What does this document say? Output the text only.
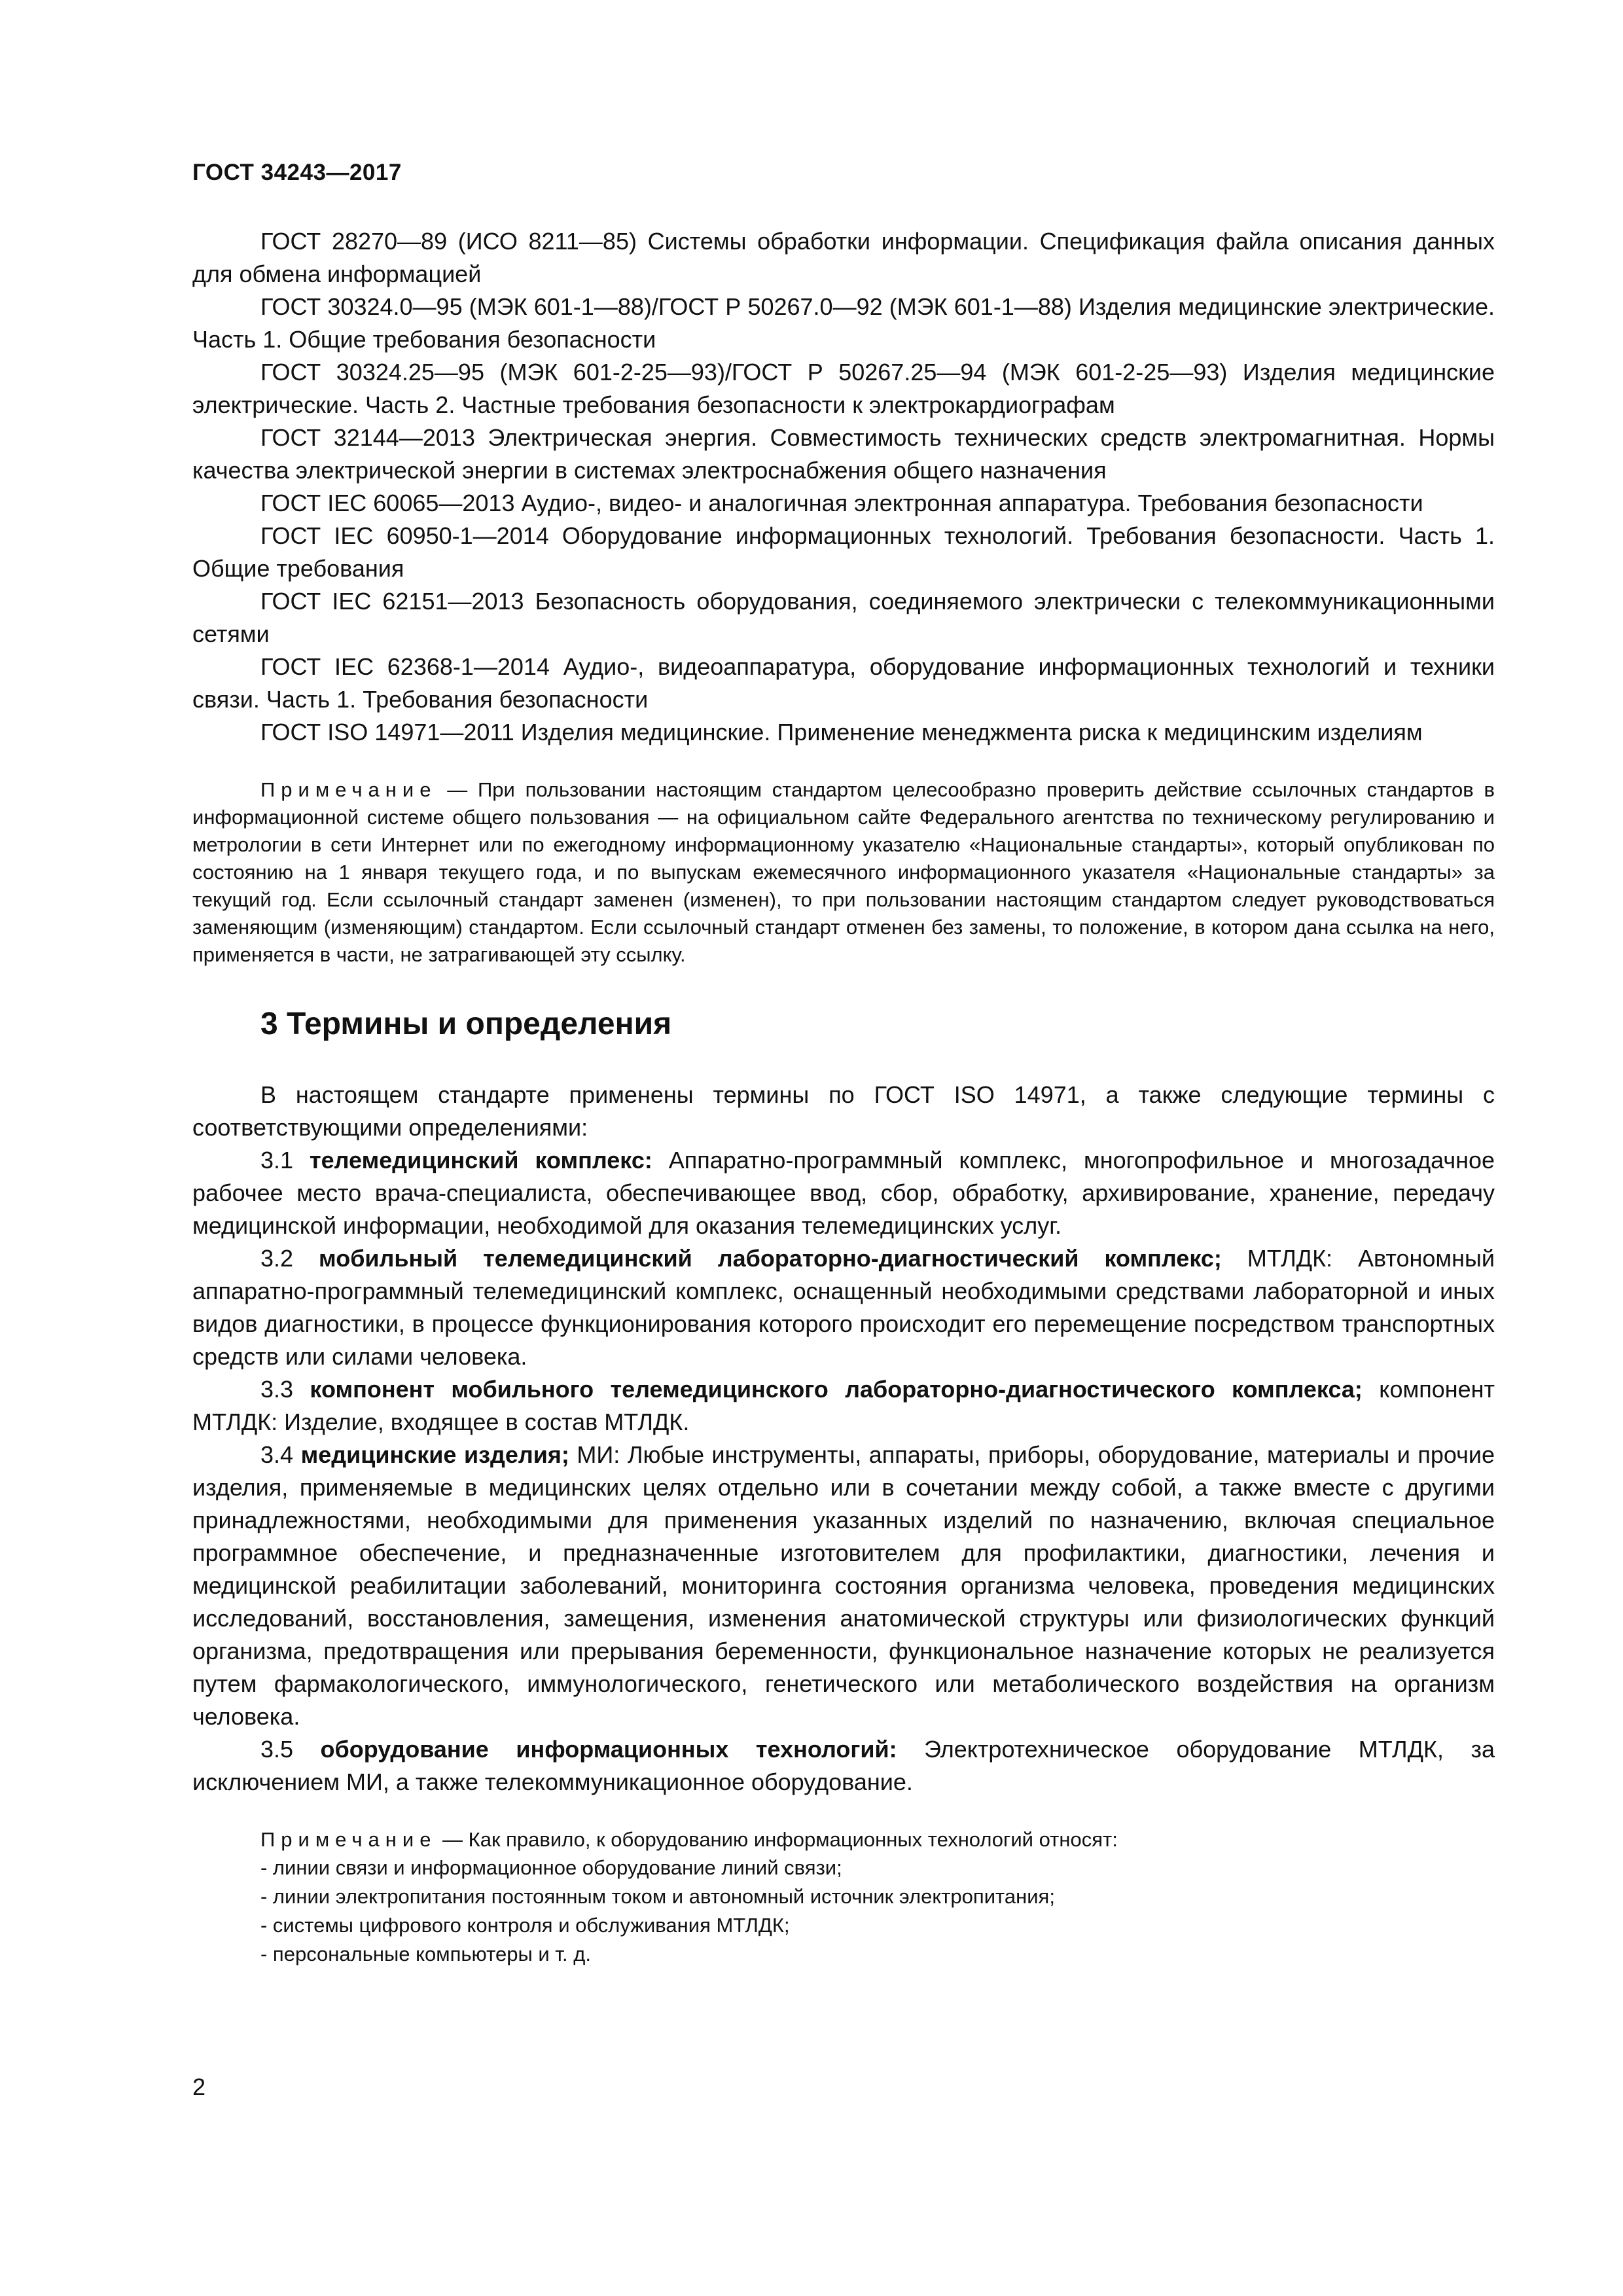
ГОСТ 34243—2017

ГОСТ 28270—89 (ИСО 8211—85) Системы обработки информации. Спецификация файла описания данных для обмена информацией

ГОСТ 30324.0—95 (МЭК 601-1—88)/ГОСТ Р 50267.0—92 (МЭК 601-1—88) Изделия медицинские электрические. Часть 1. Общие требования безопасности

ГОСТ 30324.25—95 (МЭК 601-2-25—93)/ГОСТ Р 50267.25—94 (МЭК 601-2-25—93) Изделия медицинские электрические. Часть 2. Частные требования безопасности к электрокардиографам

ГОСТ 32144—2013 Электрическая энергия. Совместимость технических средств электромагнитная. Нормы качества электрической энергии в системах электроснабжения общего назначения

ГОСТ IEC 60065—2013 Аудио-, видео- и аналогичная электронная аппаратура. Требования безопасности

ГОСТ IEC 60950-1—2014 Оборудование информационных технологий. Требования безопасности. Часть 1. Общие требования

ГОСТ IEC 62151—2013 Безопасность оборудования, соединяемого электрически с телекоммуникационными сетями

ГОСТ IEC 62368-1—2014 Аудио-, видеоаппаратура, оборудование информационных технологий и техники связи. Часть 1. Требования безопасности

ГОСТ ISO 14971—2011 Изделия медицинские. Применение менеджмента риска к медицинским изделиям

Примечание — При пользовании настоящим стандартом целесообразно проверить действие ссылочных стандартов в информационной системе общего пользования — на официальном сайте Федерального агентства по техническому регулированию и метрологии в сети Интернет или по ежегодному информационному указателю «Национальные стандарты», который опубликован по состоянию на 1 января текущего года, и по выпускам ежемесячного информационного указателя «Национальные стандарты» за текущий год. Если ссылочный стандарт заменен (изменен), то при пользовании настоящим стандартом следует руководствоваться заменяющим (изменяющим) стандартом. Если ссылочный стандарт отменен без замены, то положение, в котором дана ссылка на него, применяется в части, не затрагивающей эту ссылку.

3 Термины и определения

В настоящем стандарте применены термины по ГОСТ ISO 14971, а также следующие термины с соответствующими определениями:

3.1 телемедицинский комплекс: Аппаратно-программный комплекс, многопрофильное и многозадачное рабочее место врача-специалиста, обеспечивающее ввод, сбор, обработку, архивирование, хранение, передачу медицинской информации, необходимой для оказания телемедицинских услуг.

3.2 мобильный телемедицинский лабораторно-диагностический комплекс; МТЛДК: Автономный аппаратно-программный телемедицинский комплекс, оснащенный необходимыми средствами лабораторной и иных видов диагностики, в процессе функционирования которого происходит его перемещение посредством транспортных средств или силами человека.

3.3 компонент мобильного телемедицинского лабораторно-диагностического комплекса; компонент МТЛДК: Изделие, входящее в состав МТЛДК.

3.4 медицинские изделия; МИ: Любые инструменты, аппараты, приборы, оборудование, материалы и прочие изделия, применяемые в медицинских целях отдельно или в сочетании между собой, а также вместе с другими принадлежностями, необходимыми для применения указанных изделий по назначению, включая специальное программное обеспечение, и предназначенные изготовителем для профилактики, диагностики, лечения и медицинской реабилитации заболеваний, мониторинга состояния организма человека, проведения медицинских исследований, восстановления, замещения, изменения анатомической структуры или физиологических функций организма, предотвращения или прерывания беременности, функциональное назначение которых не реализуется путем фармакологического, иммунологического, генетического или метаболического воздействия на организм человека.

3.5 оборудование информационных технологий: Электротехническое оборудование МТЛДК, за исключением МИ, а также телекоммуникационное оборудование.

Примечание — Как правило, к оборудованию информационных технологий относят:

- линии связи и информационное оборудование линий связи;

- линии электропитания постоянным током и автономный источник электропитания;

- системы цифрового контроля и обслуживания МТЛДК;

- персональные компьютеры и т. д.

2
